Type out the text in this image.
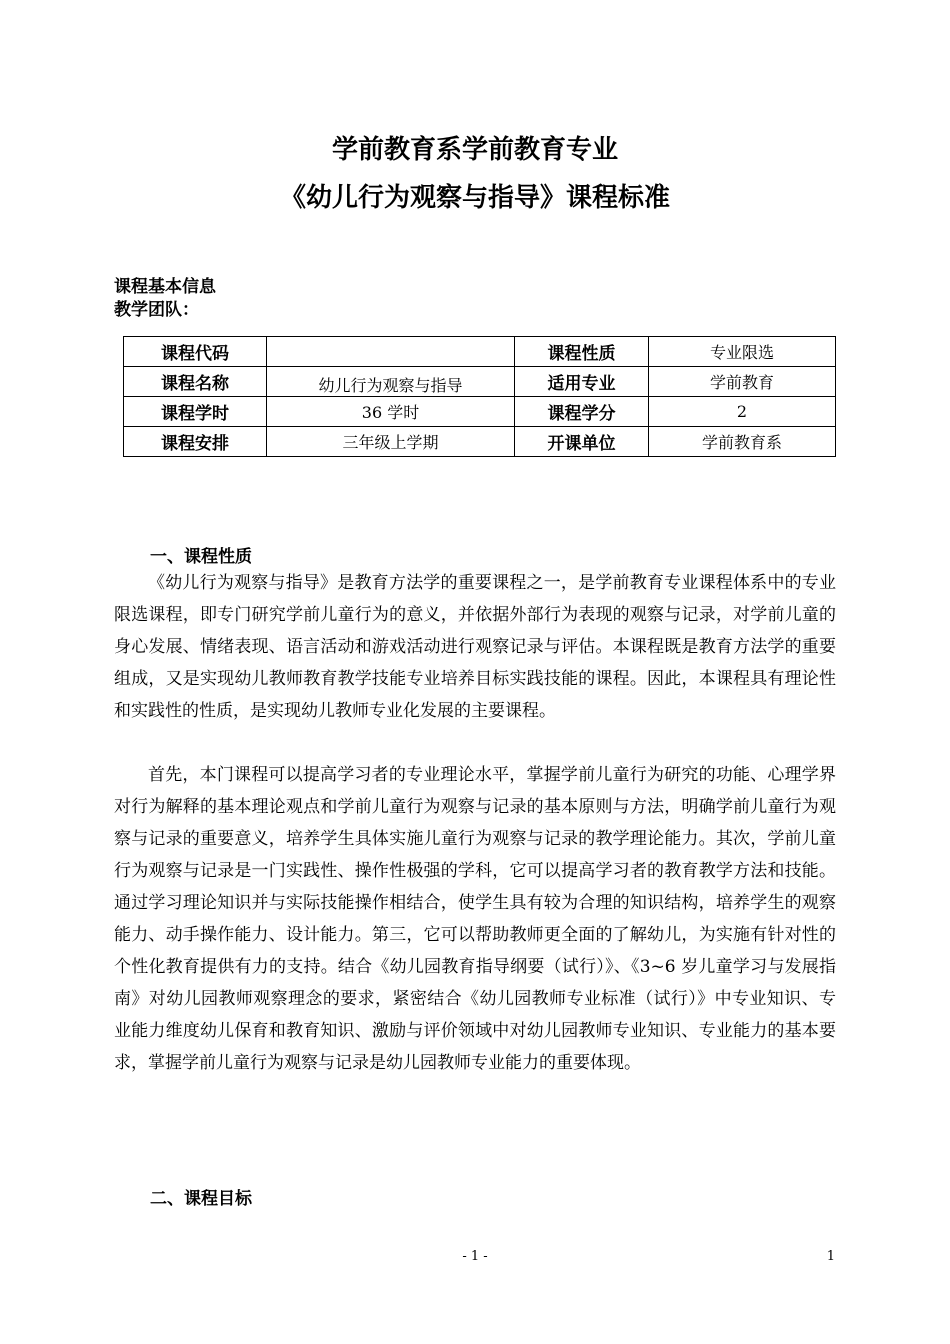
学前教育系学前教育专业
《幼儿行为观察与指导》课程标准
课程基本信息
教学团队：
课程代码		课程性质	专业限选
课程名称	幼儿行为观察与指导	适用专业	学前教育
课程学时	36 学时	课程学分	2
课程安排	三年级上学期	开课单位	学前教育系
一、课程性质

《幼儿行为观察与指导》是教育方法学的重要课程之一，是学前教育专业课程体系中的专业限选课程，即专门研究学前儿童行为的意义，并依据外部行为表现的观察与记录，对学前儿童的身心发展、情绪表现、语言活动和游戏活动进行观察记录与评估。本课程既是教育方法学的重要组成，又是实现幼儿教师教育教学技能专业培养目标实践技能的课程。因此，本课程具有理论性和实践性的性质，是实现幼儿教师专业化发展的主要课程。

首先，本门课程可以提高学习者的专业理论水平，掌握学前儿童行为研究的功能、心理学界对行为解释的基本理论观点和学前儿童行为观察与记录的基本原则与方法，明确学前儿童行为观察与记录的重要意义，培养学生具体实施儿童行为观察与记录的教学理论能力。其次，学前儿童行为观察与记录是一门实践性、操作性极强的学科，它可以提高学习者的教育教学方法和技能。通过学习理论知识并与实际技能操作相结合，使学生具有较为合理的知识结构，培养学生的观察能力、动手操作能力、设计能力。第三，它可以帮助教师更全面的了解幼儿，为实施有针对性的个性化教育提供有力的支持。结合《幼儿园教育指导纲要（试行）》、《3~6 岁儿童学习与发展指南》对幼儿园教师观察理念的要求，紧密结合《幼儿园教师专业标准（试行）》中专业知识、专业能力维度幼儿保育和教育知识、激励与评价领域中对幼儿园教师专业知识、专业能力的基本要求，掌握学前儿童行为观察与记录是幼儿园教师专业能力的重要体现。

二、课程目标
- 1 -	1
